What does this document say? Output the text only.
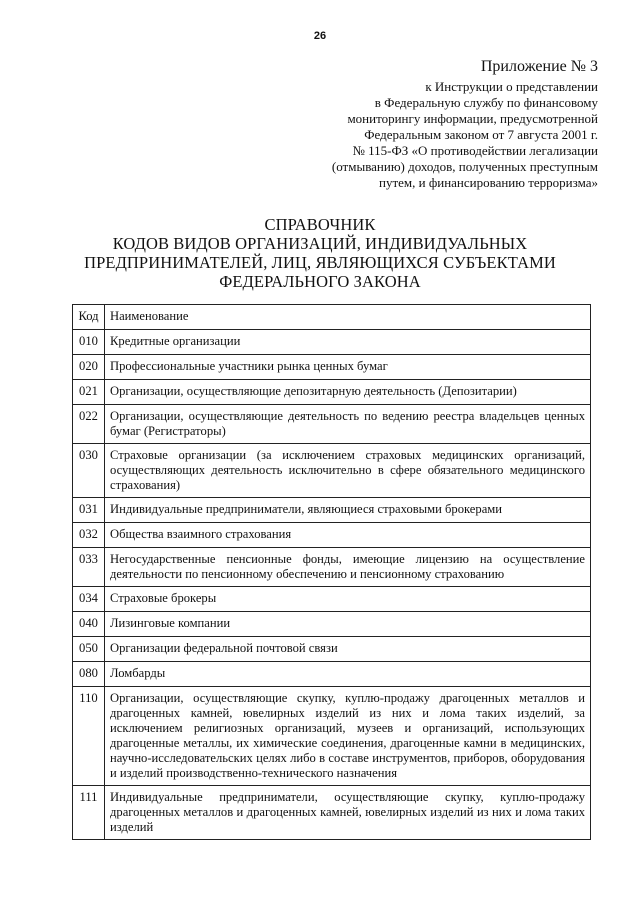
26
Приложение № 3
к Инструкции о представлении
в Федеральную службу по финансовому
мониторингу информации, предусмотренной
Федеральным законом от 7 августа 2001 г.
№ 115-ФЗ «О противодействии легализации
(отмыванию) доходов, полученных преступным
путем, и финансированию терроризма»
СПРАВОЧНИК
КОДОВ ВИДОВ ОРГАНИЗАЦИЙ, ИНДИВИДУАЛЬНЫХ
ПРЕДПРИНИМАТЕЛЕЙ, ЛИЦ, ЯВЛЯЮЩИХСЯ СУБЪЕКТАМИ
ФЕДЕРАЛЬНОГО ЗАКОНА
Код	Наименование
010	Кредитные организации
020	Профессиональные участники рынка ценных бумаг
021	Организации, осуществляющие депозитарную деятельность (Депозитарии)
022	Организации, осуществляющие деятельность по ведению реестра владельцев ценных бумаг (Регистраторы)
030	Страховые организации (за исключением страховых медицинских организаций, осуществляющих деятельность исключительно в сфере обязательного медицинского страхования)
031	Индивидуальные предприниматели, являющиеся страховыми брокерами
032	Общества взаимного страхования
033	Негосударственные пенсионные фонды, имеющие лицензию на осуществление деятельности по пенсионному обеспечению и пенсионному страхованию
034	Страховые брокеры
040	Лизинговые компании
050	Организации федеральной почтовой связи
080	Ломбарды
110	Организации, осуществляющие скупку, куплю-продажу драгоценных металлов и драгоценных камней, ювелирных изделий из них и лома таких изделий, за исключением религиозных организаций, музеев и организаций, использующих драгоценные металлы, их химические соединения, драгоценные камни в медицинских, научно-исследовательских целях либо в составе инструментов, приборов, оборудования и изделий производственно-технического назначения
111	Индивидуальные предприниматели, осуществляющие скупку, куплю-продажу драгоценных металлов и драгоценных камней, ювелирных изделий из них и лома таких изделий
